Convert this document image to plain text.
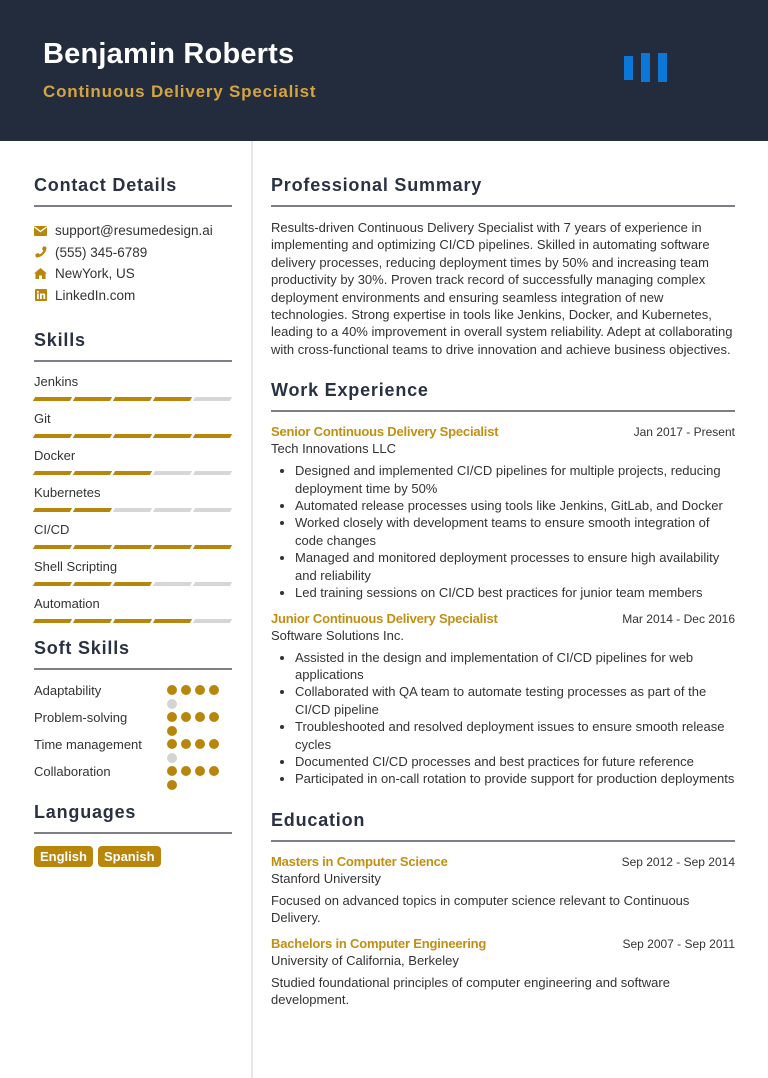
Benjamin Roberts
Continuous Delivery Specialist
Contact Details
support@resumedesign.ai
(555) 345-6789
NewYork, US
LinkedIn.com
Skills
Jenkins
Git
Docker
Kubernetes
CI/CD
Shell Scripting
Automation
Soft Skills
Adaptability
Problem-solving
Time management
Collaboration
Languages
English	Spanish
Professional Summary

Results-driven Continuous Delivery Specialist with 7 years of experience in implementing and optimizing CI/CD pipelines. Skilled in automating software delivery processes, reducing deployment times by 50% and increasing team productivity by 30%. Proven track record of successfully managing complex deployment environments and ensuring seamless integration of new technologies. Strong expertise in tools like Jenkins, Docker, and Kubernetes, leading to a 40% improvement in overall system reliability. Adept at collaborating with cross-functional teams to drive innovation and achieve business objectives.

Work Experience
Senior Continuous Delivery Specialist	Jan 2017 - Present
Tech Innovations LLC
• Designed and implemented CI/CD pipelines for multiple projects, reducing deployment time by 50%
• Automated release processes using tools like Jenkins, GitLab, and Docker
• Worked closely with development teams to ensure smooth integration of code changes
• Managed and monitored deployment processes to ensure high availability and reliability
• Led training sessions on CI/CD best practices for junior team members
Junior Continuous Delivery Specialist	Mar 2014 - Dec 2016
Software Solutions Inc.
• Assisted in the design and implementation of CI/CD pipelines for web applications
• Collaborated with QA team to automate testing processes as part of the CI/CD pipeline
• Troubleshooted and resolved deployment issues to ensure smooth release cycles
• Documented CI/CD processes and best practices for future reference
• Participated in on-call rotation to provide support for production deployments
Education
Masters in Computer Science	Sep 2012 - Sep 2014
Stanford University

Focused on advanced topics in computer science relevant to Continuous Delivery.

Bachelors in Computer Engineering	Sep 2007 - Sep 2011
University of California, Berkeley

Studied foundational principles of computer engineering and software development.
